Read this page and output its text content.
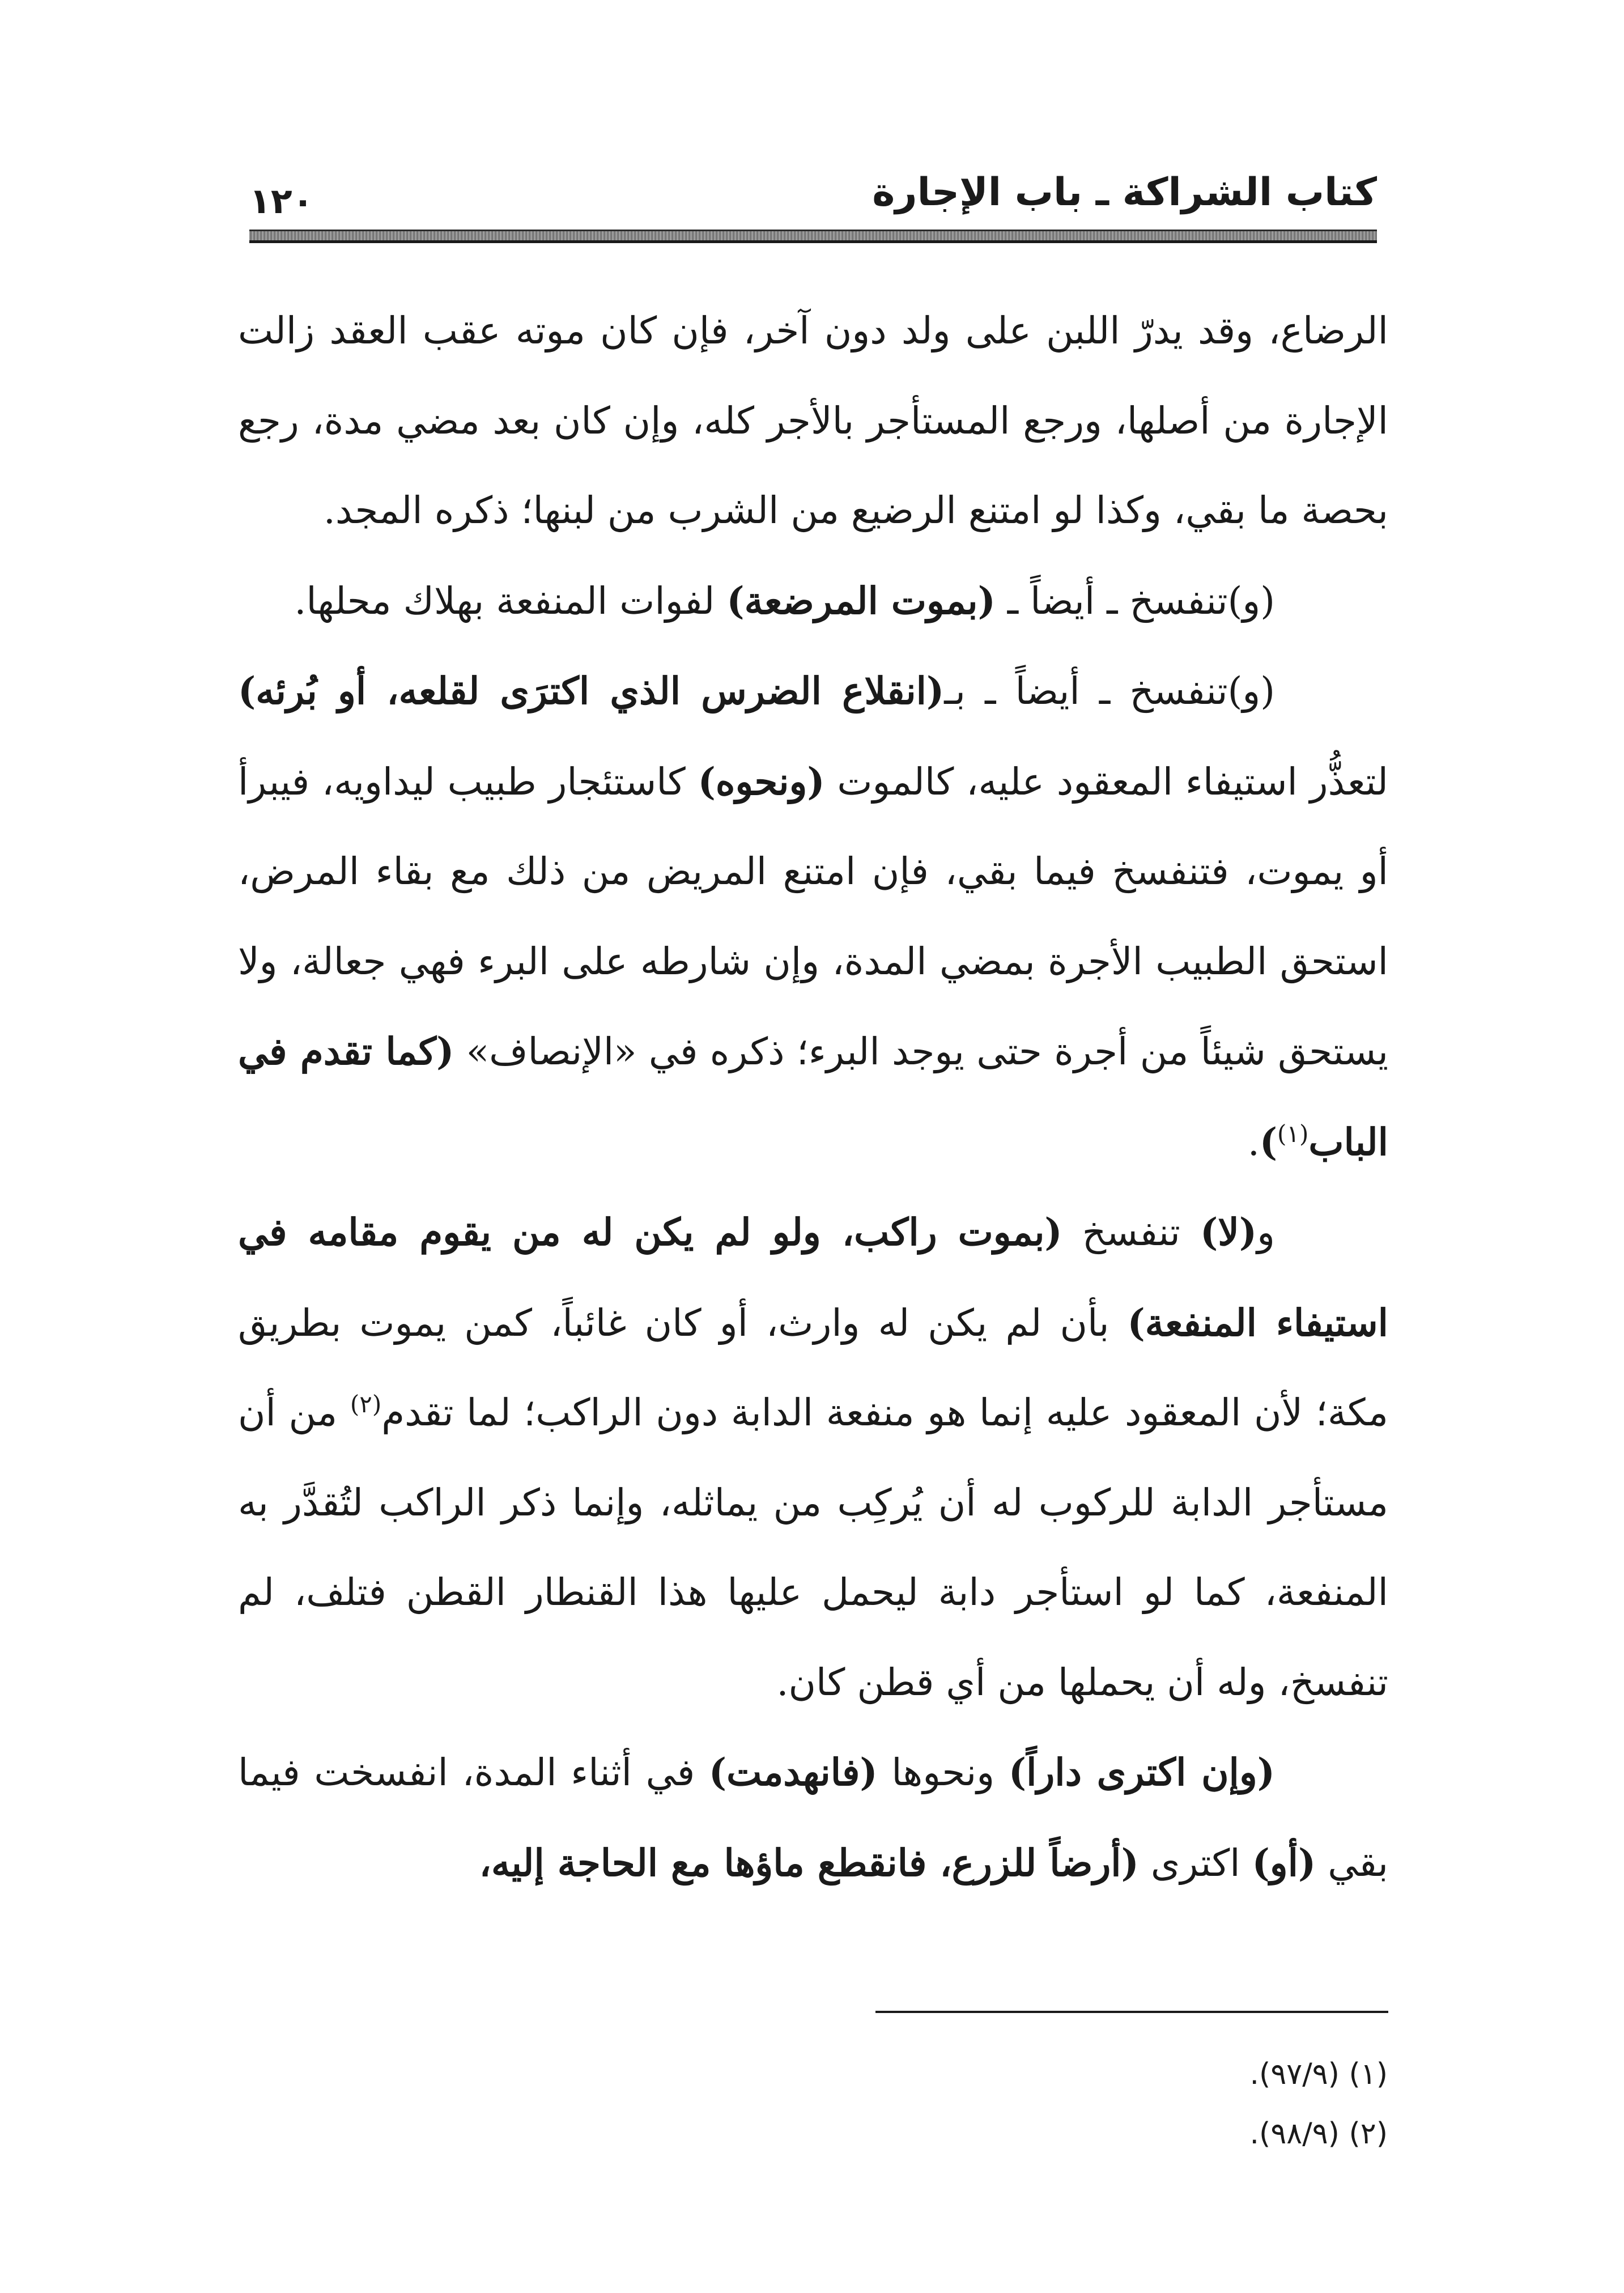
كتاب الشراكة ـ باب الإجارة
١٢٠

الرضاع، وقد يدرّ اللبن على ولد دون آخر، فإن كان موته عقب العقد زالت الإجارة من أصلها، ورجع المستأجر بالأجر كله، وإن كان بعد مضي مدة، رجع بحصة ما بقي، وكذا لو امتنع الرضيع من الشرب من لبنها؛ ذكره المجد.

(و)تنفسخ ـ أيضاً ـ (بموت المرضعة) لفوات المنفعة بهلاك محلها.

(و)تنفسخ ـ أيضاً ـ بـ(انقلاع الضرس الذي اكترَى لقلعه، أو بُرئه) لتعذُّر استيفاء المعقود عليه، كالموت (ونحوه) كاستئجار طبيب ليداويه، فيبرأ أو يموت، فتنفسخ فيما بقي، فإن امتنع المريض من ذلك مع بقاء المرض، استحق الطبيب الأجرة بمضي المدة، وإن شارطه على البرء فهي جعالة، ولا يستحق شيئاً من أجرة حتى يوجد البرء؛ ذكره في «الإنصاف» (كما تقدم في الباب$^{(١)}$).

و(لا) تنفسخ (بموت راكب، ولو لم يكن له من يقوم مقامه في استيفاء المنفعة) بأن لم يكن له وارث، أو كان غائباً، كمن يموت بطريق مكة؛ لأن المعقود عليه إنما هو منفعة الدابة دون الراكب؛ لما تقدم$^{(٢)}$ من أن مستأجر الدابة للركوب له أن يُركِب من يماثله، وإنما ذكر الراكب لتُقدَّر به المنفعة، كما لو استأجر دابة ليحمل عليها هذا القنطار القطن فتلف، لم تنفسخ، وله أن يحملها من أي قطن كان.

(وإن اكترى داراً) ونحوها (فانهدمت) في أثناء المدة، انفسخت فيما بقي (أو) اكترى (أرضاً للزرع، فانقطع ماؤها مع الحاجة إليه،

.(٩٧/٩) (١)
.(٩٨/٩) (٢)
